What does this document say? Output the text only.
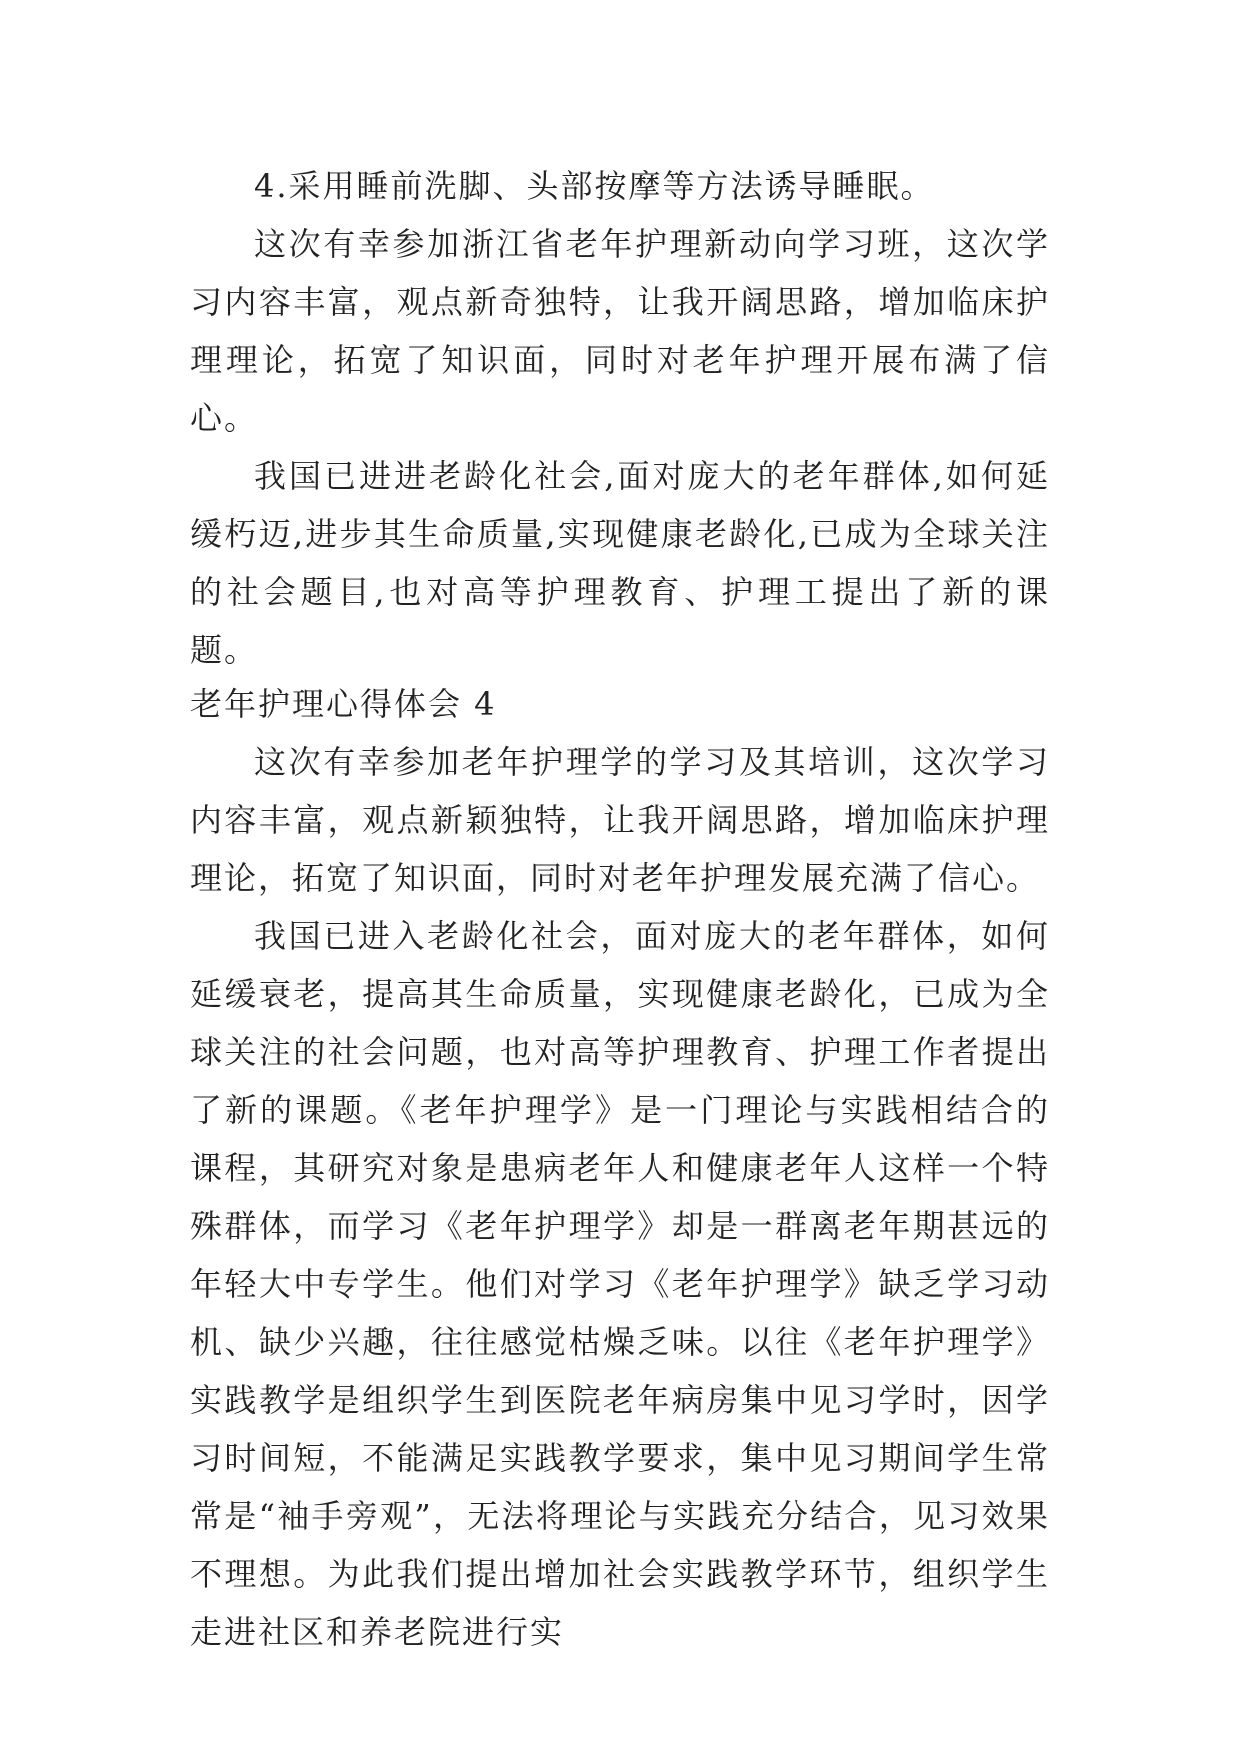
4.采用睡前洗脚、头部按摩等方法诱导睡眠。

这次有幸参加浙江省老年护理新动向学习班，这次学习内容丰富，观点新奇独特，让我开阔思路，增加临床护理理论，拓宽了知识面，同时对老年护理开展布满了信心。

我国已进进老龄化社会,面对庞大的老年群体,如何延缓朽迈,进步其生命质量,实现健康老龄化,已成为全球关注的社会题目,也对高等护理教育、护理工提出了新的课题。

老年护理心得体会 4

这次有幸参加老年护理学的学习及其培训，这次学习内容丰富，观点新颖独特，让我开阔思路，增加临床护理理论，拓宽了知识面，同时对老年护理发展充满了信心。

我国已进入老龄化社会，面对庞大的老年群体，如何延缓衰老，提高其生命质量，实现健康老龄化，已成为全球关注的社会问题，也对高等护理教育、护理工作者提出了新的课题。《老年护理学》是一门理论与实践相结合的课程，其研究对象是患病老年人和健康老年人这样一个特殊群体，而学习《老年护理学》却是一群离老年期甚远的年轻大中专学生。他们对学习《老年护理学》缺乏学习动机、缺少兴趣，往往感觉枯燥乏味。以往《老年护理学》实践教学是组织学生到医院老年病房集中见习学时，因学习时间短，不能满足实践教学要求，集中见习期间学生常常是“袖手旁观”，无法将理论与实践充分结合，见习效果不理想。为此我们提出增加社会实践教学环节，组织学生走进社区和养老院进行实
